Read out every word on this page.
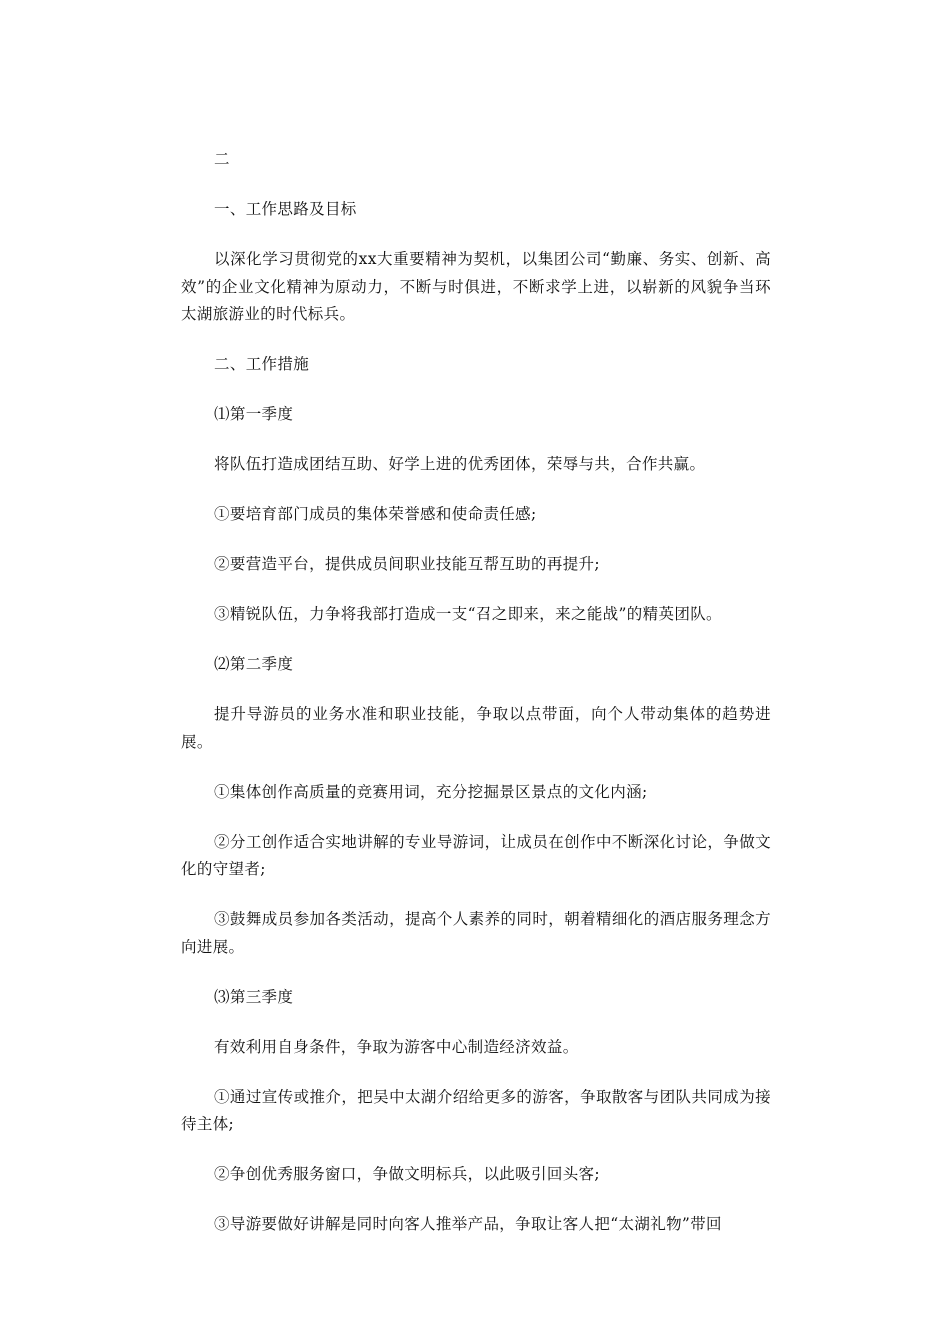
二

一、工作思路及目标

以深化学习贯彻党的xx大重要精神为契机，以集团公司“勤廉、务实、创新、高效”的企业文化精神为原动力，不断与时俱进，不断求学上进，以崭新的风貌争当环太湖旅游业的时代标兵。

二、工作措施

⑴第一季度

将队伍打造成团结互助、好学上进的优秀团体，荣辱与共，合作共赢。

①要培育部门成员的集体荣誉感和使命责任感;

②要营造平台，提供成员间职业技能互帮互助的再提升;

③精锐队伍，力争将我部打造成一支“召之即来，来之能战”的精英团队。

⑵第二季度

提升导游员的业务水准和职业技能，争取以点带面，向个人带动集体的趋势进展。

①集体创作高质量的竞赛用词，充分挖掘景区景点的文化内涵;

②分工创作适合实地讲解的专业导游词，让成员在创作中不断深化讨论，争做文化的守望者;

③鼓舞成员参加各类活动，提高个人素养的同时，朝着精细化的酒店服务理念方向进展。

⑶第三季度

有效利用自身条件，争取为游客中心制造经济效益。

①通过宣传或推介，把吴中太湖介绍给更多的游客，争取散客与团队共同成为接待主体;

②争创优秀服务窗口，争做文明标兵，以此吸引回头客;

③导游要做好讲解是同时向客人推举产品，争取让客人把“太湖礼物”带回
